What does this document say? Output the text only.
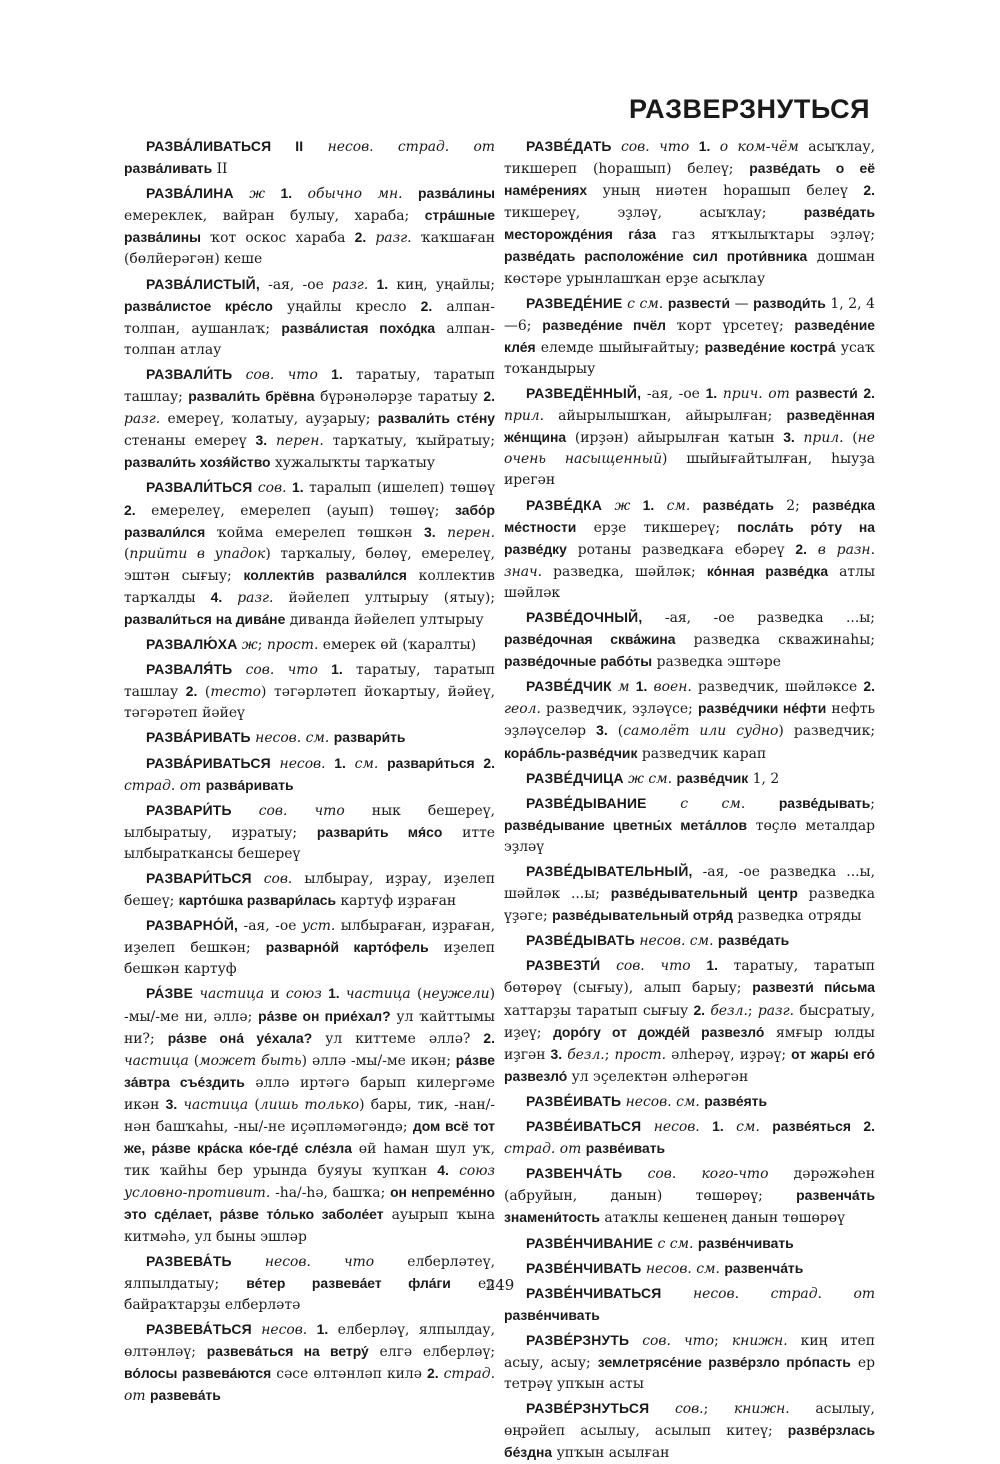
РАЗВЕРЗНУТЬСЯ

РАЗВА́ЛИВАТЬСЯ II несов. страд. от разва́ливать II

РАЗВА́ЛИНА ж 1. обычно мн. разва́лины емереклек, вайран булыу, хараба; стра́шные разва́лины ҡот оскос хараба 2. разг. ҡаҡшаған (бөлйерәгән) кеше

РАЗВА́ЛИСТЫЙ, -ая, -ое разг. 1. киң, уңайлы; разва́листое кре́сло уңайлы кресло 2. алпан-толпан, аушанлаҡ; разва́листая похо́дка алпан-толпан атлау

РАЗВАЛИ́ТЬ сов. что 1. таратыу, таратып ташлау; развали́ть брёвна бүрәнәләрҙе таратыу 2. разг. емереү, ҡолатыу, ауҙарыу; развали́ть сте́ну стенаны емереү 3. перен. тарҡатыу, ҡыйратыу; развали́ть хозя́йство хужалыҡты тарҡатыу

РАЗВАЛИ́ТЬСЯ сов. 1. таралып (ишелеп) төшөү 2. емерелеү, емерелеп (ауып) төшөү; забо́р развали́лся ҡойма емерелеп төшкән 3. перен. (прийти в упадок) тарҡалыу, бөлөү, емерелеү, эштән сығыу; коллекти́в развали́лся коллектив тарҡалды 4. разг. йәйелеп ултырыу (ятыу); развали́ться на дива́не диванда йәйелеп ултырыу

РАЗВАЛЮ́ХА ж; прост. емерек өй (ҡаралты)

РАЗВАЛЯ́ТЬ сов. что 1. таратыу, таратып ташлау 2. (тесто) тәгәрләтеп йоҡартыу, йәйеү, тәгәрәтеп йәйеү

РАЗВА́РИВАТЬ несов. см. развари́ть

РАЗВА́РИВАТЬСЯ несов. 1. см. развари́ться 2. страд. от разва́ривать

РАЗВАРИ́ТЬ сов. что нык бешереү, ылбыратыу, иҙратыу; развари́ть мя́со итте ылбыраткансы бешереү

РАЗВАРИ́ТЬСЯ сов. ылбырау, иҙрау, иҙелеп бешеү; карто́шка развари́лась картуф иҙраған

РАЗВАРНО́Й, -ая, -ое уст. ылбыраған, иҙраған, иҙелеп бешкән; разварно́й карто́фель иҙелеп бешкән картуф

РА́ЗВЕ частица и союз 1. частица (неужели) -мы/-ме ни, әллә; ра́зве он прие́хал? ул ҡайттымы ни?; ра́зве она́ уе́хала? ул киттеме әллә? 2. частица (может быть) әллә -мы/-ме икән; ра́зве за́втра съе́здить әллә иртәгә барып килергәме икән 3. частица (лишь только) бары, тик, -нан/-нән башҡаһы, -ны/-не иҫәпләмәгәндә; дом всё тот же, ра́зве кра́ска ко́е-где́ сле́зла өй һаман шул уҡ, тик ҡайһы бер урында буяуы ҡупҡан 4. союз условно-противит. -һа/-һә, башҡа; он непреме́нно это сде́лает, ра́зве то́лько заболе́ет ауырып ҡына китмәһә, ул быны эшләр

РАЗВЕВА́ТЬ несов. что елберләтеү, ялпылдатыу; ве́тер развева́ет фла́ги ел байраҡтарҙы елберләтә

РАЗВЕВА́ТЬСЯ несов. 1. елберләү, ялпылдау, өлтәнләү; развева́ться на ветру́ елгә елберләү; во́лосы развева́ются сәсе өлтәнләп килә 2. страд. от развева́ть

РАЗВЕ́ДАТЬ сов. что 1. о ком-чём асыҡлау, тикшереп (һорашып) белеү; разве́дать о её наме́рениях уның ниәтен һорашып белеү 2. тикшереү, эҙләү, асыҡлау; разве́дать месторожде́ния га́за газ ятҡылыҡтары эҙләү; разве́дать расположе́ние сил проти́вника дошман көстәре урынлашҡан ерҙе асыҡлау

РАЗВЕДЕ́НИЕ с см. развести́ — разводи́ть 1, 2, 4—6; разведе́ние пчёл ҡорт үрсетеү; разведе́ние кле́я елемде шыйығайтыу; разведе́ние костра́ усаҡ тоҡандырыу

РАЗВЕДЁННЫЙ, -ая, -ое 1. прич. от развести́ 2. прил. айырылышҡан, айырылған; разведённая же́нщина (ирҙән) айырылған ҡатын 3. прил. (не очень насыщенный) шыйығайтылған, һыуҙа ирегән

РАЗВЕ́ДКА ж 1. см. разве́дать 2; разве́дка ме́стности ерҙе тикшереү; посла́ть ро́ту на разве́дку ротаны разведкаға ебәреү 2. в разн. знач. разведка, шәйләк; ко́нная разве́дка атлы шәйләк

РАЗВЕ́ДОЧНЫЙ, -ая, -ое разведка ...ы; разве́дочная сква́жина разведка скважинаһы; разве́дочные рабо́ты разведка эштәре

РАЗВЕ́ДЧИК м 1. воен. разведчик, шәйләксе 2. геол. разведчик, эҙләүсе; разве́дчики не́фти нефть эҙләүселәр 3. (самолёт или судно) разведчик; кора́бль-разве́дчик разведчик карап

РАЗВЕ́ДЧИЦА ж см. разве́дчик 1, 2

РАЗВЕ́ДЫВАНИЕ с см. разве́дывать; разве́дывание цветны́х мета́ллов төҫлө металдар эҙләү

РАЗВЕ́ДЫВАТЕЛЬНЫЙ, -ая, -ое разведка ...ы, шәйләк ...ы; разве́дывательный центр разведка үҙәге; разве́дывательный отря́д разведка отряды

РАЗВЕ́ДЫВАТЬ несов. см. разве́дать

РАЗВЕЗТИ́ сов. что 1. таратыу, таратып бөтөрөү (сығыу), алып барыу; развезти́ пи́сьма хаттарҙы таратып сығыу 2. безл.; разг. бысратыу, иҙеү; доро́гу от дожде́й развезло́ ямғыр юлды иҙгән 3. безл.; прост. әлһерәү, иҙрәү; от жары́ его́ развезло́ ул эҫелектән әлһерәгән

РАЗВЕ́ИВАТЬ несов. см. разве́ять

РАЗВЕ́ИВАТЬСЯ несов. 1. см. разве́яться 2. страд. от разве́ивать

РАЗВЕНЧА́ТЬ сов. кого-что дәрәжәһен (абруйын, данын) төшөрөү; развенча́ть знамени́тость атаҡлы кешенең данын төшөрөү

РАЗВЕ́НЧИВАНИЕ с см. разве́нчивать

РАЗВЕ́НЧИВАТЬ несов. см. развенча́ть

РАЗВЕ́НЧИВАТЬСЯ несов. страд. от разве́нчивать

РАЗВЕ́РЗНУТЬ сов. что; книжн. киң итеп асыу, асыу; землетрясе́ние разве́рзло про́пасть ер тетрәү упҡын асты

РАЗВЕ́РЗНУТЬСЯ сов.; книжн. асылыу, өңрәйеп асылыу, асылып китеү; разве́рзлась бе́здна упҡын асылған

249
